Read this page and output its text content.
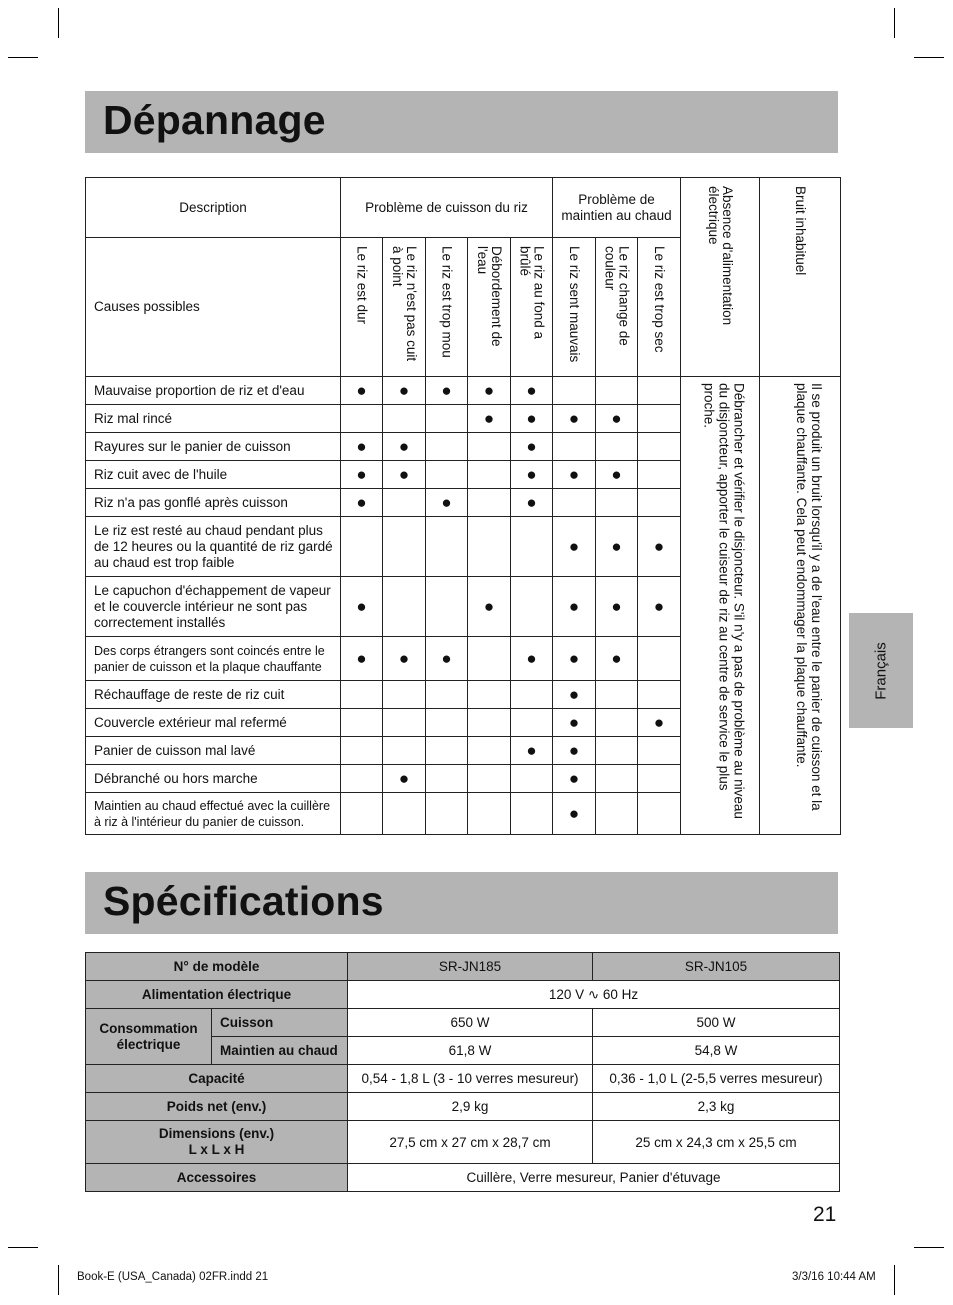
Dépannage
Description	Problème de cuisson du riz					Problème de maintien au chaud			Absence d'alimentation électrique	Bruit inhabituel

Causes possibles	Le riz est dur	Le riz n'est pas cuit à point	Le riz est trop mou	Débordement de l'eau	Le riz au fond a brûlé	Le riz sent mauvais	Le riz change de couleur	Le riz est trop sec		

Mauvaise proportion de riz et d'eau	●	●	●	●	●				Débrancher et vérifier le disjoncteur. S'il n'y a pas de problème au niveau du disjoncteur, apporter le cuiseur de riz au centre de service le plus proche.	Il se produit un bruit lorsqu'il y a de l'eau entre le panier de cuisson et la plaque chauffante. Cela peut endommager la plaque chauffante.

Riz mal rincé				●	●	●	●			
Rayures sur le panier de cuisson	●	●			●					
Riz cuit avec de l'huile	●	●			●	●	●			
Riz n'a pas gonflé après cuisson	●		●		●					
Le riz est resté au chaud pendant plus de 12 heures ou la quantité de riz gardé au chaud est trop faible						●	●	●		
Le capuchon d'échappement de vapeur et le couvercle intérieur ne sont pas correctement installés	●			●		●	●	●		
Des corps étrangers sont coincés entre le panier de cuisson et la plaque chauffante	●	●	●		●	●	●			
Réchauffage de reste de riz cuit						●				
Couvercle extérieur mal refermé						●		●		
Panier de cuisson mal lavé					●	●				
Débranché ou hors marche		●				●				
Maintien au chaud effectué avec la cuillère à riz à l'intérieur du panier de cuisson.						●				
Français
Spécifications
N° de modèle		SR-JN185	SR-JN105
Alimentation électrique		120 V ∿ 60 Hz	
Consommation électrique	Cuisson	650 W	500 W
	Maintien au chaud	61,8 W	54,8 W
Capacité		0,54 - 1,8 L (3 - 10 verres mesureur)	0,36 - 1,0 L (2-5,5 verres mesureur)
Poids net (env.)		2,9 kg	2,3 kg
Dimensions (env.)
L x L x H		27,5 cm x 27 cm x 28,7 cm	25 cm x 24,3 cm x 25,5 cm
Accessoires		Cuillère, Verre mesureur, Panier d'étuvage	
21
Book-E (USA_Canada) 02FR.indd 21	3/3/16 10:44 AM
